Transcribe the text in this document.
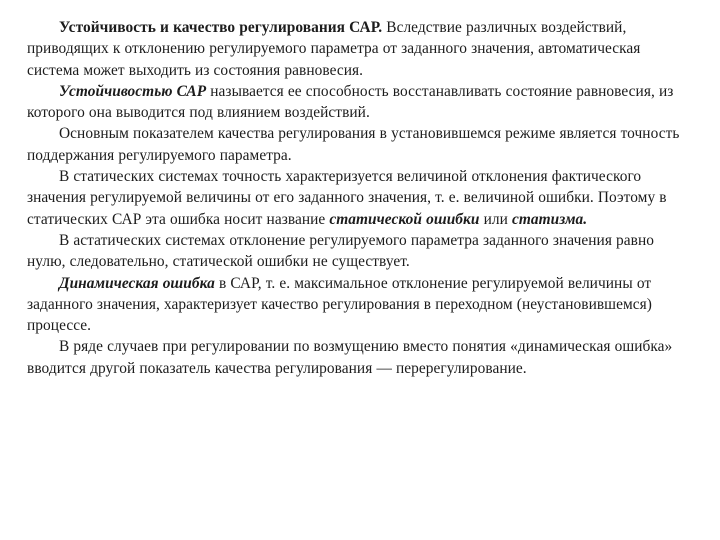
Устойчивость и качество регулирования САР. Вследствие различных воздействий, приводящих к отклонению регулируемого параметра от заданного значения, автоматическая система может выходить из состояния равновесия.

Устойчивостью САР называется ее способность восстанавливать состояние равновесия, из которого она выводится под влиянием воздействий.

Основным показателем качества регулирования в установившемся режиме является точность поддержания регулируемого параметра.

В статических системах точность характеризуется величиной отклонения фактического значения регулируемой величины от его заданного значения, т. е. величиной ошибки. Поэтому в статических САР эта ошибка носит название статической ошибки или статизма.

В астатических системах отклонение регулируемого параметра заданного значения равно нулю, следовательно, статической ошибки не существует.

Динамическая ошибка в САР, т. е. максимальное отклонение регулируемой величины от заданного значения, характеризует качество регулирования в переходном (неустановившемся) процессе.

В ряде случаев при регулировании по возмущению вместо понятия «динамическая ошибка» вводится другой показатель качества регулирования — перерегулирование.
